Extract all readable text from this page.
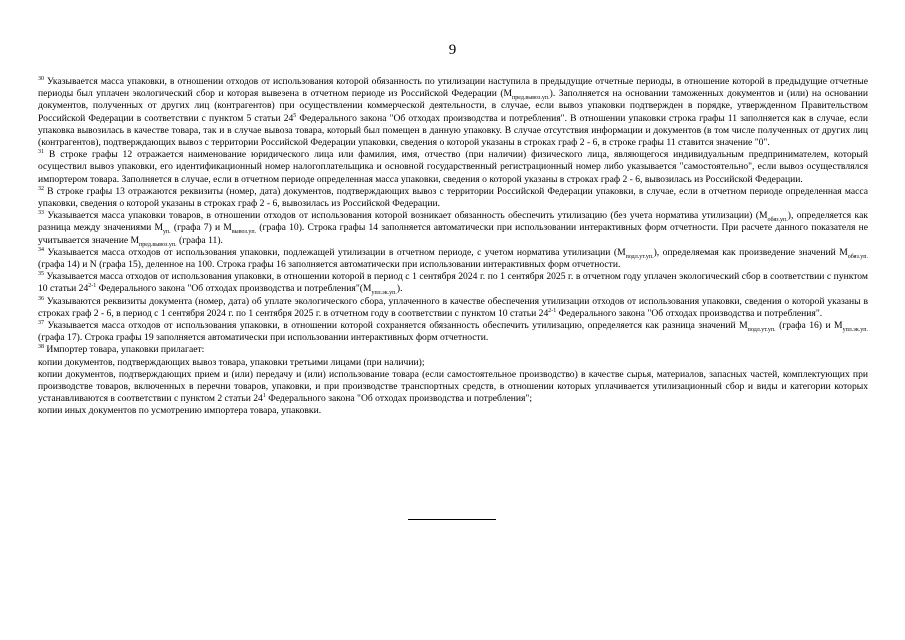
9

$^{30}$ Указывается масса упаковки, в отношении отходов от использования которой обязанность по утилизации наступила в предыдущие отчетные периоды, в отношение которой в предыдущие отчетные периоды был уплачен экологический сбор и которая вывезена в отчетном периоде из Российской Федерации $(М_{пред.вывоз.уп.})$. Заполняется на основании таможенных документов и (или) на основании документов, полученных от других лиц (контрагентов) при осуществлении коммерческой деятельности, в случае, если вывоз упаковки подтвержден в порядке, утвержденном Правительством Российской Федерации в соответствии с пунктом 5 статьи $24^5$ Федерального закона "Об отходах производства и потребления". В отношении упаковки строка графы 11 заполняется как в случае, если упаковка вывозилась в качестве товара, так и в случае вывоза товара, который был помещен в данную упаковку. В случае отсутствия информации и документов (в том числе полученных от других лиц (контрагентов), подтверждающих вывоз с территории Российской Федерации упаковки, сведения о которой указаны в строках граф 2 - 6, в строке графы 11 ставится значение "0".

$^{31}$ В строке графы 12 отражается наименование юридического лица или фамилия, имя, отчество (при наличии) физического лица, являющегося индивидуальным предпринимателем, который осуществил вывоз упаковки, его идентификационный номер налогоплательщика и основной государственный регистрационный номер либо указывается "самостоятельно", если вывоз осуществлялся импортером товара. Заполняется в случае, если в отчетном периоде определенная масса упаковки, сведения о которой указаны в строках граф 2 - 6, вывозилась из Российской Федерации.

$^{32}$ В строке графы 13 отражаются реквизиты (номер, дата) документов, подтверждающих вывоз с территории Российской Федерации упаковки, в случае, если в отчетном периоде определенная масса упаковки, сведения о которой указаны в строках граф 2 - 6, вывозилась из Российской Федерации.

$^{33}$ Указывается масса упаковки товаров, в отношении отходов от использования которой возникает обязанность обеспечить утилизацию (без учета норматива утилизации) $(М_{обяз.уп.})$, определяется как разница между значениями $М_{уп.}$ (графа 7) и $М_{вывоз.уп.}$ (графа 10). Строка графы 14 заполняется автоматически при использовании интерактивных форм отчетности. При расчете данного показателя не учитывается значение $М_{пред.вывоз.уп.}$ (графа 11).

$^{34}$ Указывается масса отходов от использования упаковки, подлежащей утилизации в отчетном периоде, с учетом норматива утилизации $(М_{подл.ут.уп.})$, определяемая как произведение значений $М_{обяз.уп.}$ (графа 14) и N (графа 15), деленное на 100. Строка графы 16 заполняется автоматически при использовании интерактивных форм отчетности.

$^{35}$ Указывается масса отходов от использования упаковки, в отношении которой в период с 1 сентября 2024 г. по 1 сентября 2025 г. в отчетном году уплачен экологический сбор в соответствии с пунктом 10 статьи 24$^{2-1}$ Федерального закона "Об отходах производства и $потребления"(М_{упл.эк.уп.})$.

$^{36}$ Указываются реквизиты документа (номер, дата) об уплате экологического сбора, уплаченного в качестве обеспечения утилизации отходов от использования упаковки, сведения о которой указаны в строках граф 2 - 6, в период с 1 сентября 2024 г. по 1 сентября 2025 г. в отчетном году в соответствии с пунктом 10 статьи 24$^{2-1}$ Федерального закона "Об отходах производства и потребления".

$^{37}$ Указывается масса отходов от использования упаковки, в отношении которой сохраняется обязанность обеспечить утилизацию, определяется как разница значений $М_{подл.ут.уп.}$ (графа 16) и $М_{упл.эк.уп.}$ (графа 17). Строка графы 19 заполняется автоматически при использовании интерактивных форм отчетности.

$^{38}$ Импортер товара, упаковки прилагает:

копии документов, подтверждающих вывоз товара, упаковки третьими лицами (при наличии);

копии документов, подтверждающих прием и (или) передачу и (или) использование товара (если самостоятельное производство) в качестве сырья, материалов, запасных частей, комплектующих при производстве товаров, включенных в перечни товаров, упаковки, и при производстве транспортных средств, в отношении которых уплачивается утилизационный сбор и виды и категории которых устанавливаются в соответствии с пунктом 2 статьи $24^1$ Федерального закона "Об отходах производства и потребления";

копии иных документов по усмотрению импортера товара, упаковки.
